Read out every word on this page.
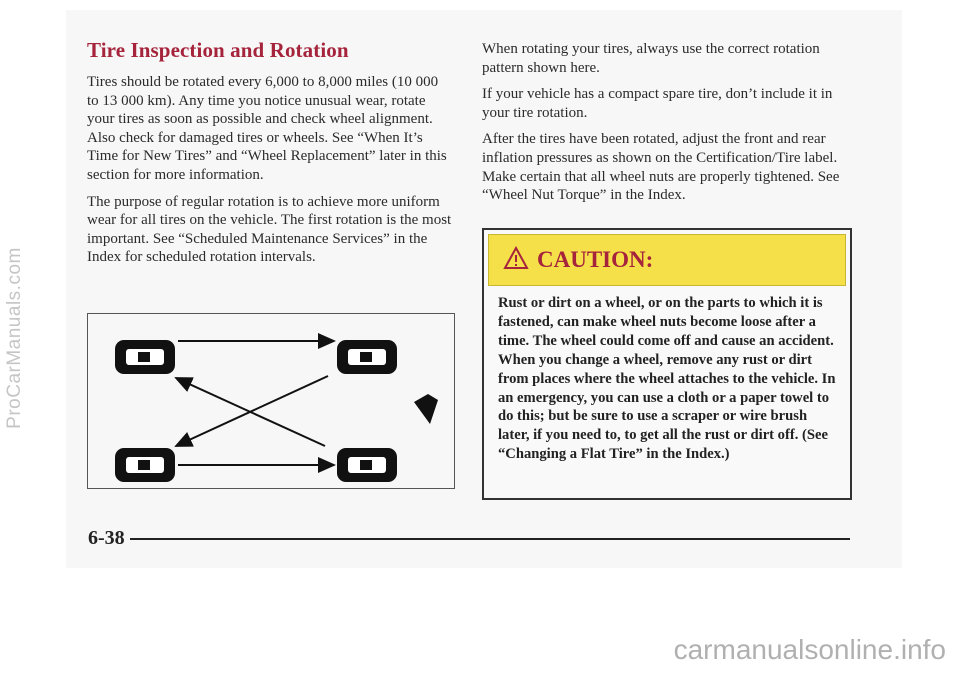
Tire Inspection and Rotation

Tires should be rotated every 6,000 to 8,000 miles (10 000 to 13 000 km). Any time you notice unusual wear, rotate your tires as soon as possible and check wheel alignment. Also check for damaged tires or wheels. See “When It’s Time for New Tires” and “Wheel Replacement” later in this section for more information.

The purpose of regular rotation is to achieve more uniform wear for all tires on the vehicle. The first rotation is the most important. See “Scheduled Maintenance Services” in the Index for scheduled rotation intervals.

When rotating your tires, always use the correct rotation pattern shown here.

If your vehicle has a compact spare tire, don’t include it in your tire rotation.

After the tires have been rotated, adjust the front and rear inflation pressures as shown on the Certification/Tire label. Make certain that all wheel nuts are properly tightened. See “Wheel Nut Torque” in the Index.

CAUTION:
Rust or dirt on a wheel, or on the parts to which it is fastened, can make wheel nuts become loose after a time. The wheel could come off and cause an accident. When you change a wheel, remove any rust or dirt from places where the wheel attaches to the vehicle. In an emergency, you can use a cloth or a paper towel to do this; but be sure to use a scraper or wire brush later, if you need to, to get all the rust or dirt off. (See “Changing a Flat Tire” in the Index.)
6-38
ProCarManuals.com
carmanualsonline.info
